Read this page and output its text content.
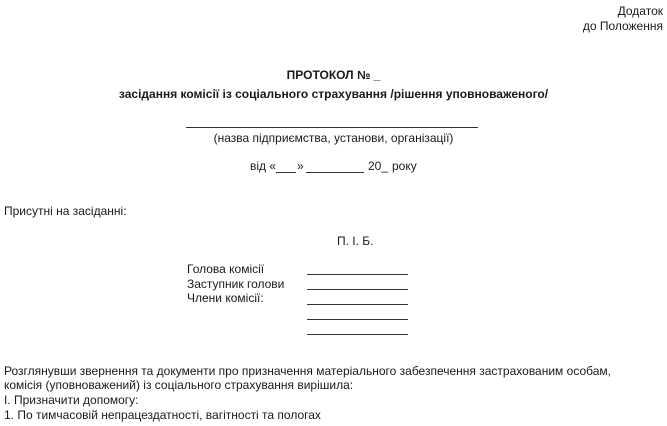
Додаток
до Положення
ПРОТОКОЛ № _
засідання комісії із соціального страхування /рішення уповноваженого/
(назва підприємства, установи, організації)
від « »	20_ року
Присутні на засіданні:
П. І. Б.
Голова комісії
Заступник голови
Члени комісії:
Розглянувши звернення та документи про призначення матеріального забезпечення застрахованим особам,
комісія (уповноважений) із соціального страхування вирішила:
І. Призначити допомогу:
1. По тимчасовій непрацездатності, вагітності та пологах
